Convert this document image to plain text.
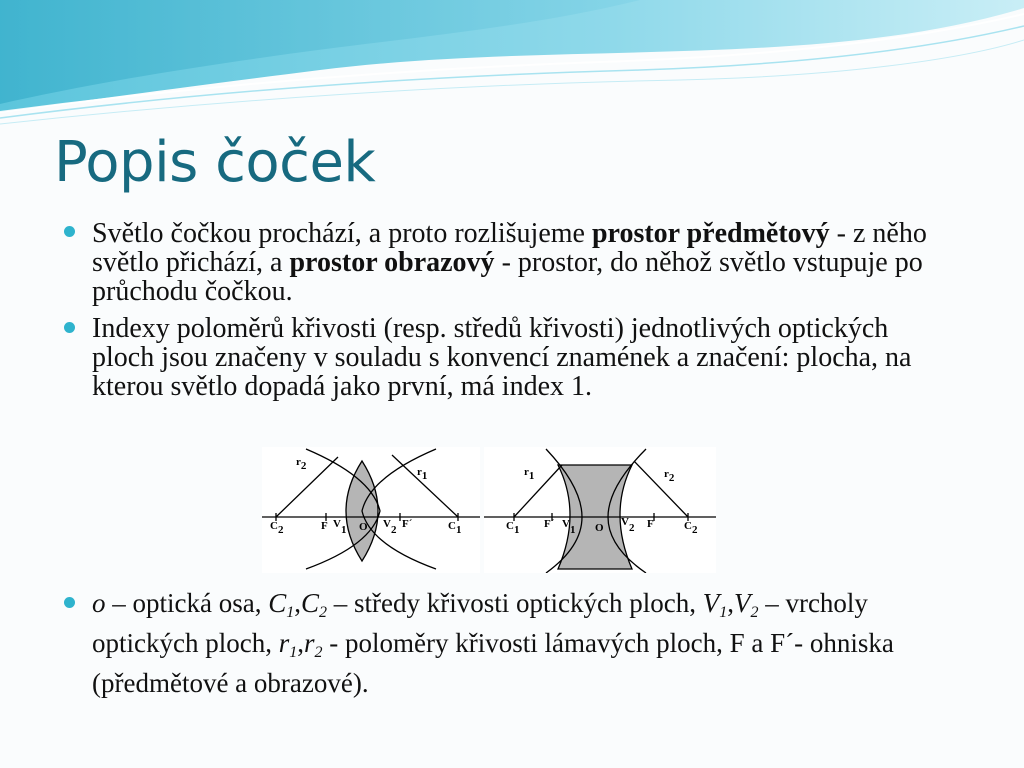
Popis čoček
Světlo čočkou prochází, a proto rozlišujeme prostor předmětový - z něho světlo přichází, a prostor obrazový - prostor, do něhož světlo vstupuje po průchodu čočkou.
Indexy poloměrů křivosti (resp. středů křivosti) jednotlivých optických ploch jsou značeny v souladu s konvencí znamének a značení: plocha, na kterou světlo dopadá jako první, má index 1.
r2	r1
C2	F V1 O V2 F´	C1
r1	r2
C1 F´ V1 O V2 F	C2
o – optická osa, $C_1,C_2$ – středy křivosti optických ploch, $V_1,V_2$ – vrcholy optických ploch, $r_1,r_2$ - poloměry křivosti lámavých ploch, F a F´- ohniska (předmětové a obrazové).
